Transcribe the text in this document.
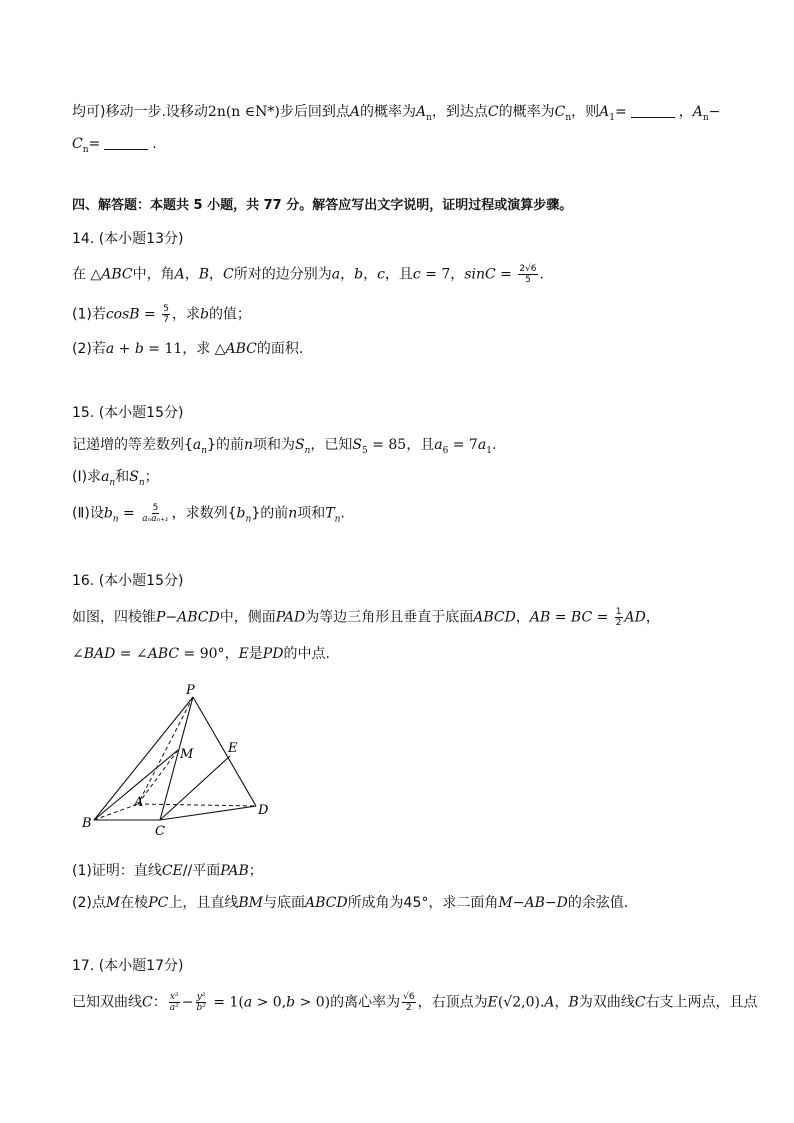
均可)移动一步.设移动2n(n ∈N*)步后回到点A的概率为$A_n$，到达点C的概率为$C_n$，则$A_1=$	，$A_n-$
$C_n=$	.
四、解答题：本题共 5 小题，共 77 分。解答应写出文字说明，证明过程或演算步骤。
14. (本小题13分)
在 △ABC中，角A，B，C所对的边分别为a，b，c，且c = 7，$\sin C = \frac{2√6}{5}$ .
(1)若$\cos B = \frac{5}{7}$ ，求b的值；
(2)若a + b = 11，求 △ABC的面积.
15. (本小题15分)
记递增的等差数列$\{a_n\}$的前n项和为$S_n$，已知$S_5 = 85$，且$a_6 = 7a_1$.
(Ⅰ)求$a_n$和$S_n$；
(Ⅱ)设$b_n = \frac{5}{\text{aₙaₙ₊₁}}$ ，求数列$\{b_n\}$的前n项和$T_n$.
16. (本小题15分)
如图，四棱锥P−ABCD中，侧面PAD为等边三角形且垂直于底面ABCD，AB = BC = $\frac{1}{2}$ AD，
∠BAD = ∠ABC = 90°，E是PD的中点.
P
M	E
A
B
C
D
(1)证明：直线CE//平面PAB；
(2)点M在棱PC上，且直线BM与底面ABCD所成角为45°，求二面角M−AB−D的余弦值.
17. (本小题17分)
已知双曲线C： $\frac{\text{x²}}{\text{a²}} - \frac{\text{y²}}{\text{b²}} = 1(a > 0,b > 0)$的离心率为 $\frac{√6}{2}$ ，右顶点为E(√2,0).A，B为双曲线C右支上两点，且点
